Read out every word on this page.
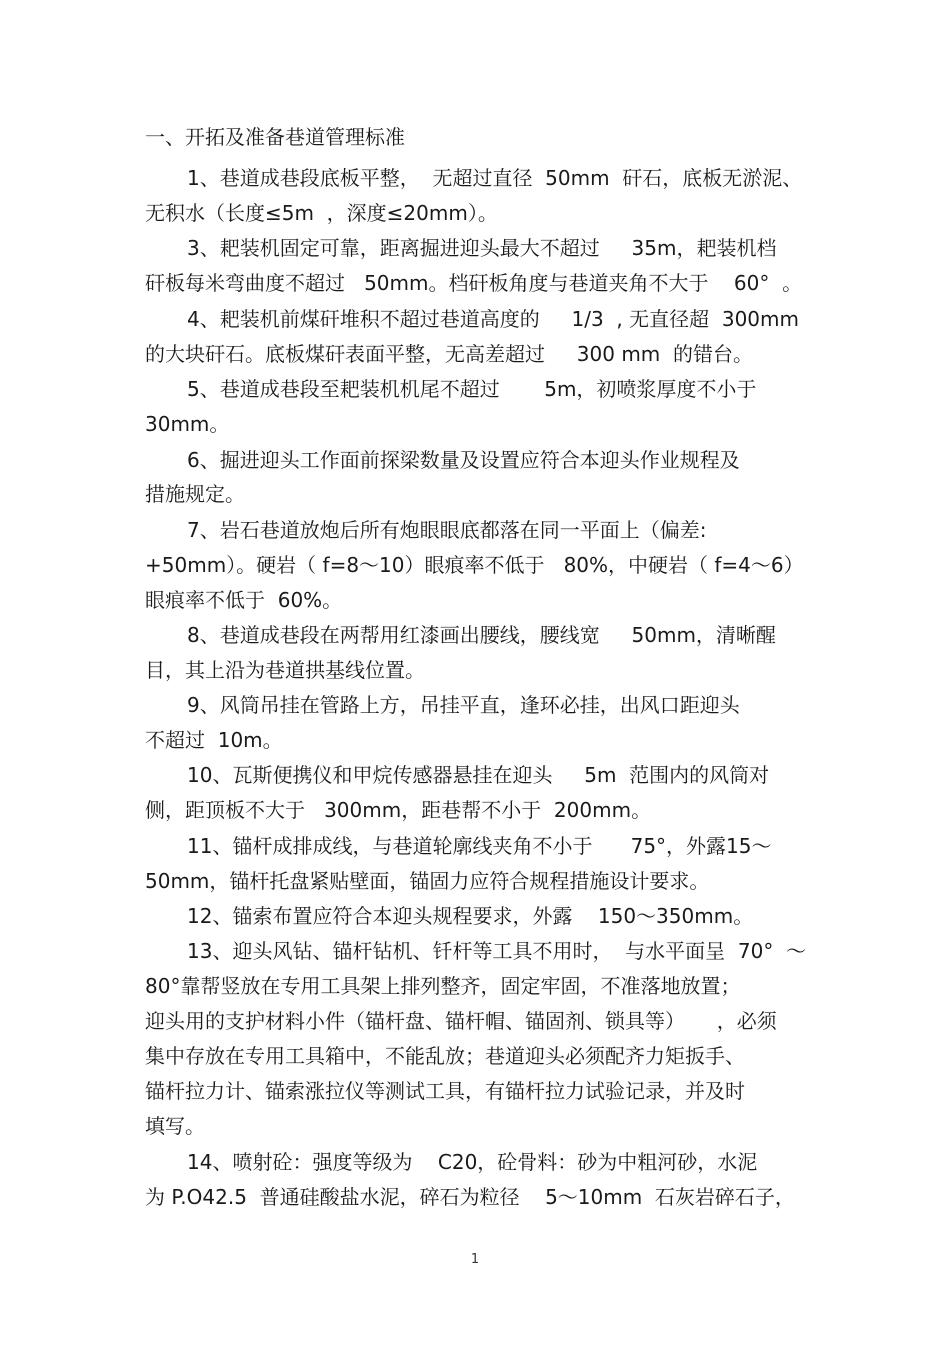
一、开拓及准备巷道管理标准

1、巷道成巷段底板平整，  无超过直径  50mm  矸石，底板无淤泥、

无积水（长度≤5m  ，深度≤20mm）。

3、耙装机固定可靠，距离掘进迎头最大不超过     35m，耙装机档

矸板每米弯曲度不超过   50mm。档矸板角度与巷道夹角不大于    60°  。

4、耙装机前煤矸堆积不超过巷道高度的     1/3  , 无直径超  300mm

的大块矸石。底板煤矸表面平整，无高差超过     300 mm  的错台。

5、巷道成巷段至耙装机机尾不超过       5m，初喷浆厚度不小于

30mm。

6、掘进迎头工作面前探梁数量及设置应符合本迎头作业规程及

措施规定。

7、岩石巷道放炮后所有炮眼眼底都落在同一平面上（偏差:

+50mm）。硬岩（ f=8～10）眼痕率不低于   80%，中硬岩（ f=4～6）

眼痕率不低于  60%。

8、巷道成巷段在两帮用红漆画出腰线，腰线宽     50mm，清晰醒

目，其上沿为巷道拱基线位置。

9、风筒吊挂在管路上方，吊挂平直，逢环必挂，出风口距迎头

不超过  10m。

10、瓦斯便携仪和甲烷传感器悬挂在迎头     5m  范围内的风筒对

侧，距顶板不大于   300mm，距巷帮不小于  200mm。

11、锚杆成排成线，与巷道轮廓线夹角不小于      75°，外露15～

50mm，锚杆托盘紧贴壁面，锚固力应符合规程措施设计要求。

12、锚索布置应符合本迎头规程要求，外露    150～350mm。

13、迎头风钻、锚杆钻机、钎杆等工具不用时，  与水平面呈  70°  ～

80°靠帮竖放在专用工具架上排列整齐，固定牢固，不准落地放置；

迎头用的支护材料小件（锚杆盘、锚杆帽、锚固剂、锁具等）     ，必须

集中存放在专用工具箱中，不能乱放；巷道迎头必须配齐力矩扳手、

锚杆拉力计、锚索涨拉仪等测试工具，有锚杆拉力试验记录，并及时

填写。

14、喷射砼：强度等级为    C20，砼骨料：砂为中粗河砂，水泥

为 P.O42.5  普通硅酸盐水泥，碎石为粒径    5～10mm  石灰岩碎石子，

1
